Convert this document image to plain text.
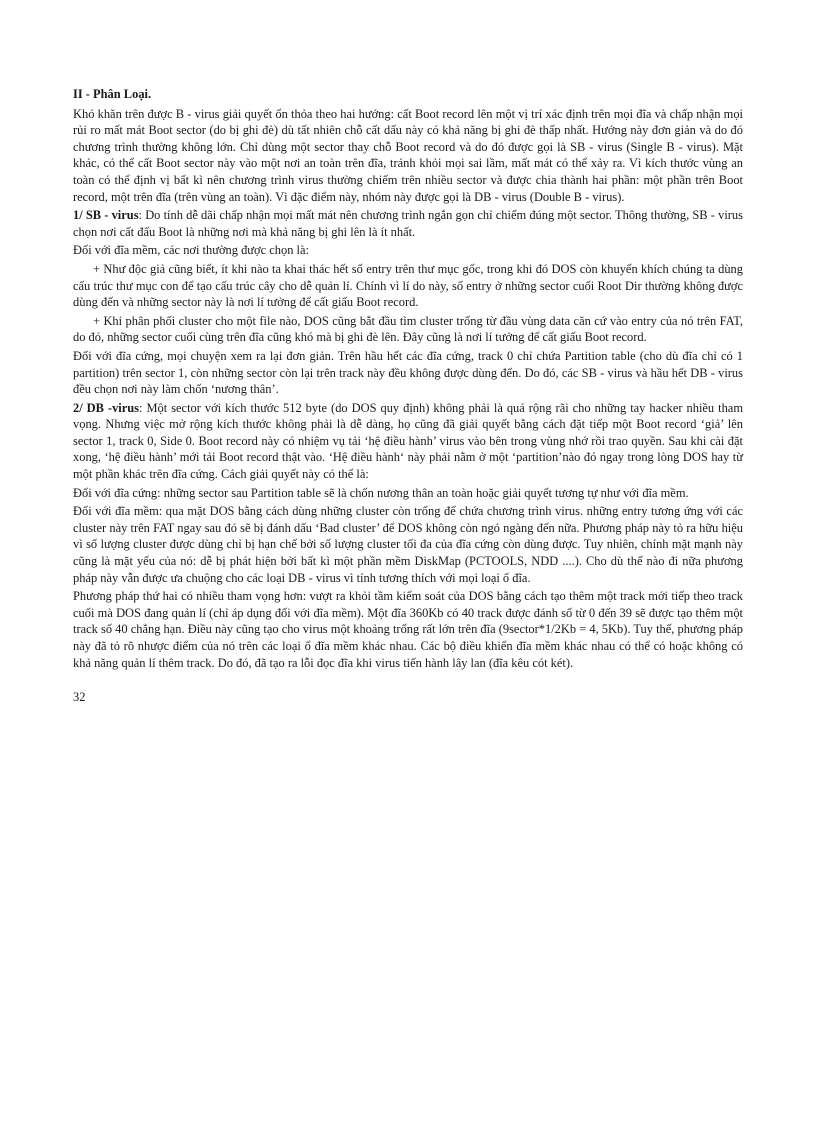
II - Phân Loại.

Khó khăn trên được B - virus giải quyết ổn thỏa theo hai hướng: cất Boot record lên một vị trí xác định trên mọi đĩa và chấp nhận mọi rủi ro mất mát Boot sector (do bị ghi đè) dù tất nhiên chỗ cất dấu này có khả năng bị ghi đè thấp nhất. Hướng này đơn giản và do đó chương trình thường không lớn. Chỉ dùng một sector thay chỗ Boot record và do đó được gọi là SB - virus (Single B - virus). Mặt khác, có thể cất Boot sector này vào một nơi an toàn trên đĩa, tránh khỏi mọi sai lầm, mất mát có thể xảy ra. Vì kích thước vùng an toàn có thể định vị bất kì nên chương trình virus thường chiếm trên nhiều sector và được chia thành hai phần: một phần trên Boot record, một trên đĩa (trên vùng an toàn). Vì đặc điểm này, nhóm này được gọi là DB - virus (Double B - virus).

1/ SB - virus: Do tính dễ dãi chấp nhận mọi mất mát nên chương trình ngắn gọn chỉ chiếm đúng một sector. Thông thường, SB - virus chọn nơi cất đấu Boot là những nơi mà khả năng bị ghi lên là ít nhất.

Đối với đĩa mềm, các nơi thường được chọn là:

+ Như độc giả cũng biết, ít khi nào ta khai thác hết số entry trên thư mục gốc, trong khi đó DOS còn khuyến khích chúng ta dùng cấu trúc thư mục con để tạo cấu trúc cây cho dễ quản lí. Chính vì lí do này, số entry ở những sector cuối Root Dir thường không được dùng đến và những sector này là nơi lí tưởng để cất giấu Boot record.

+ Khi phân phối cluster cho một file nào, DOS cũng bắt đầu tìm cluster trống từ đầu vùng data căn cứ vào entry của nó trên FAT, do đó, những sector cuối cùng trên đĩa cũng khó mà bị ghi đè lên. Đây cũng là nơi lí tưởng để cất giấu Boot record.

Đối với đĩa cứng, mọi chuyện xem ra lại đơn giản. Trên hầu hết các đĩa cứng, track 0 chỉ chứa Partition table (cho dù đĩa chỉ có 1 partition) trên sector 1, còn những sector còn lại trên track này đều không được dùng đến. Do đó, các SB - virus và hầu hết DB - virus đều chọn nơi này làm chốn ‘nương thân’.

2/ DB -virus: Một sector với kích thước 512 byte (do DOS quy định) không phải là quá rộng rãi cho những tay hacker nhiều tham vọng. Nhưng việc mở rộng kích thước không phải là dễ dàng, họ cũng đã giải quyết bằng cách đặt tiếp một Boot record ‘giả’ lên sector 1, track 0, Side 0. Boot record này có nhiệm vụ tải ‘hệ điều hành’ virus vào bên trong vùng nhớ rồi trao quyền. Sau khi cài đặt xong, ‘hệ điều hành’ mới tải Boot record thật vào. ‘Hệ điều hành‘ này phải nằm ở một ‘partition’nào đó ngay trong lòng DOS hay từ một phần khác trên đĩa cứng. Cách giải quyết này có thể là:

Đối với đĩa cứng: những sector sau Partition table sẽ là chốn nương thân an toàn hoặc giải quyết tương tự như với đĩa mềm.

Đối với đĩa mềm: qua mặt DOS bằng cách dùng những cluster còn trống để chứa chương trình virus. những entry tương ứng với các cluster này trên FAT ngay sau đó sẽ bị đánh dấu ‘Bad cluster’ để DOS không còn ngó ngàng đến nữa. Phương pháp này tỏ ra hữu hiệu vì số lượng cluster được dùng chỉ bị hạn chế bởi số lượng cluster tối đa của đĩa cứng còn dùng được. Tuy nhiên, chính mặt mạnh này cũng là mặt yếu của nó: dễ bị phát hiện bởi bất kì một phần mềm DiskMap (PCTOOLS, NDD ....). Cho dù thế nào đi nữa phương pháp này vẫn được ưa chuộng cho các loại DB - virus vì tính tương thích với mọi loại ổ đĩa.

Phương pháp thứ hai có nhiều tham vọng hơn: vượt ra khỏi tầm kiểm soát của DOS bằng cách tạo thêm một track mới tiếp theo track cuối mà DOS đang quản lí (chỉ áp dụng đối với đĩa mềm). Một đĩa 360Kb có 40 track được đánh số từ 0 đến 39 sẽ được tạo thêm một track số 40 chẳng hạn. Điều này cũng tạo cho virus một khoảng trống rất lớn trên đĩa (9sector*1/2Kb = 4, 5Kb). Tuy thế, phương pháp này đã tỏ rõ nhược điểm của nó trên các loại ổ đĩa mềm khác nhau. Các bộ điều khiển đĩa mềm khác nhau có thể có hoặc không có khả năng quản lí thêm track. Do đó, đã tạo ra lỗi đọc đĩa khi virus tiến hành lây lan (đĩa kêu cót két).

32
